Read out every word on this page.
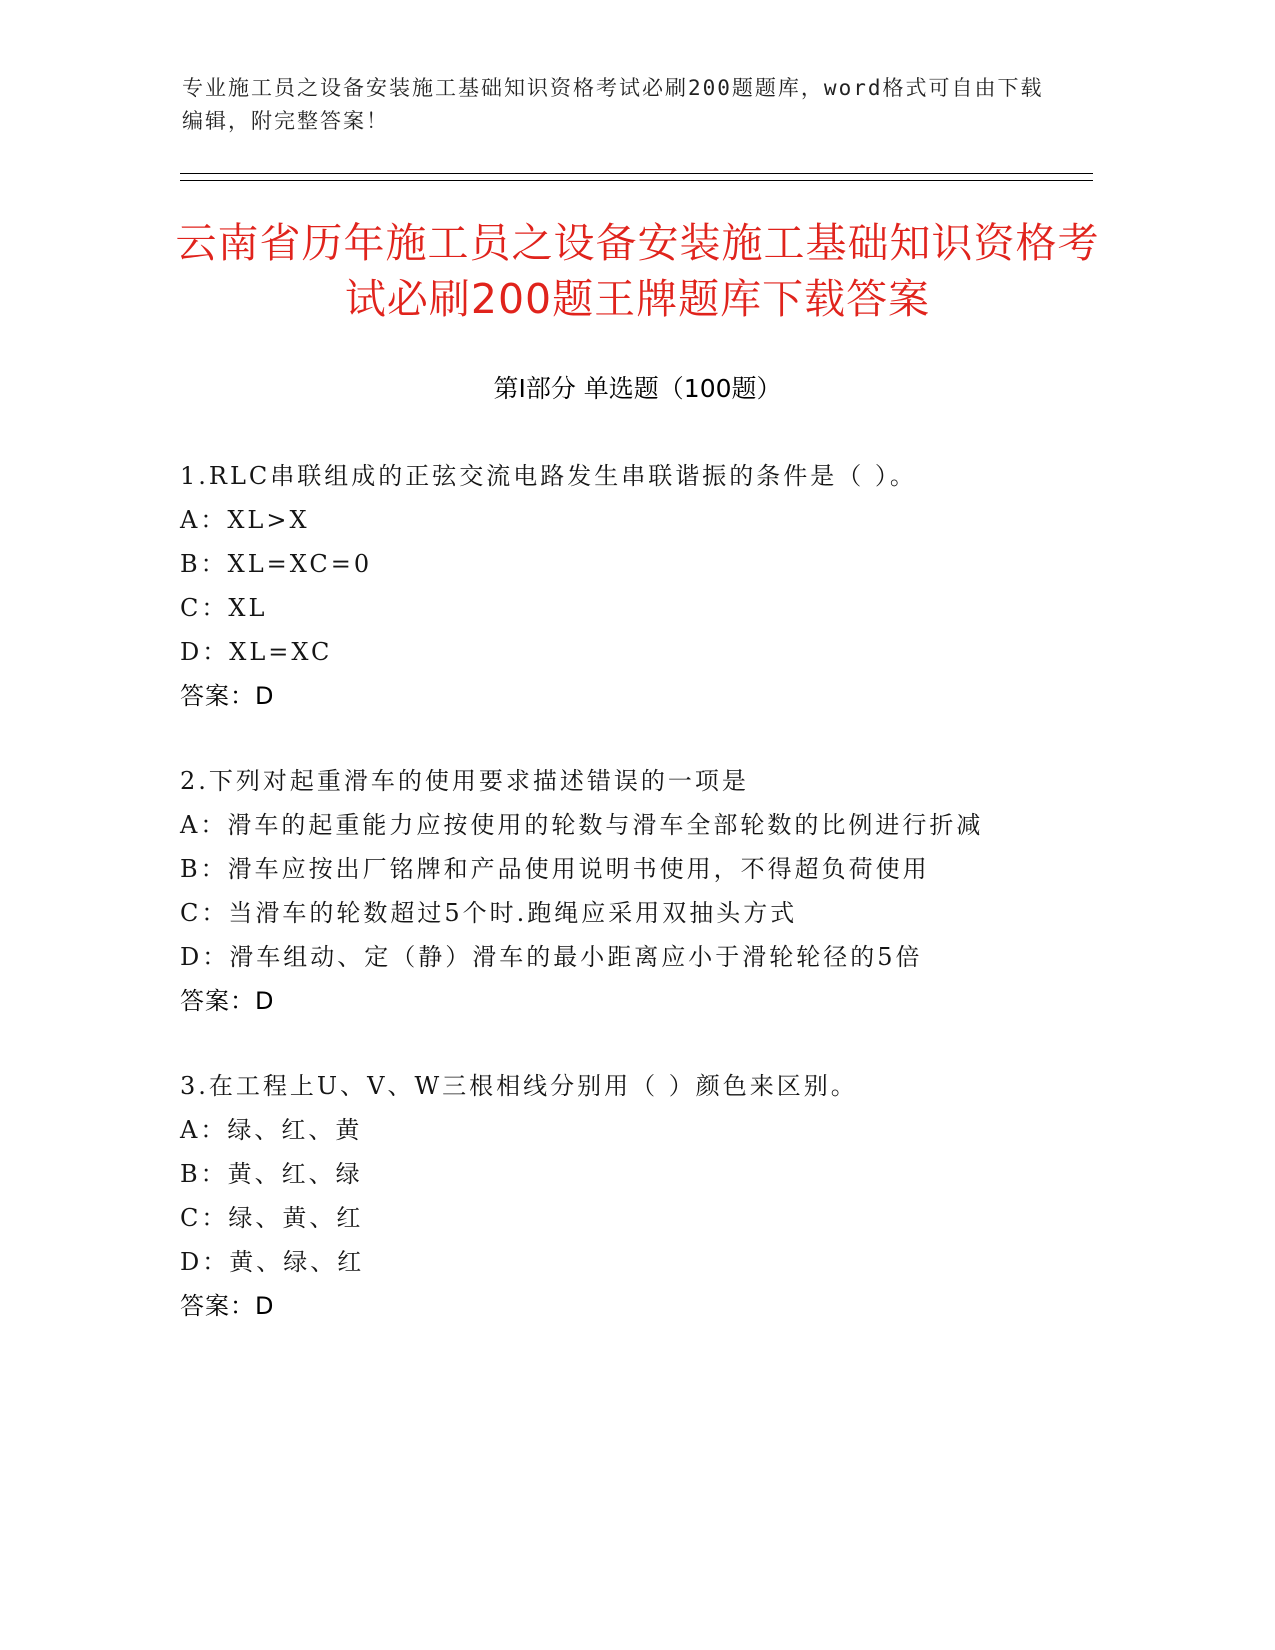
专业施工员之设备安装施工基础知识资格考试必刷200题题库，word格式可自由下载编辑，附完整答案！
云南省历年施工员之设备安装施工基础知识资格考试必刷200题王牌题库下载答案
第Ⅰ部分 单选题（100题）
1.RLC串联组成的正弦交流电路发生串联谐振的条件是（ ）。
A：XL>X
B：XL=XC=0
C：XL
D：XL=XC
答案：D
2.下列对起重滑车的使用要求描述错误的一项是
A：滑车的起重能力应按使用的轮数与滑车全部轮数的比例进行折减
B：滑车应按出厂铭牌和产品使用说明书使用，不得超负荷使用
C：当滑车的轮数超过5个时.跑绳应采用双抽头方式
D：滑车组动、定（静）滑车的最小距离应小于滑轮轮径的5倍
答案：D
3.在工程上U、V、W三根相线分别用（ ）颜色来区别。
A：绿、红、黄
B：黄、红、绿
C：绿、黄、红
D：黄、绿、红
答案：D
